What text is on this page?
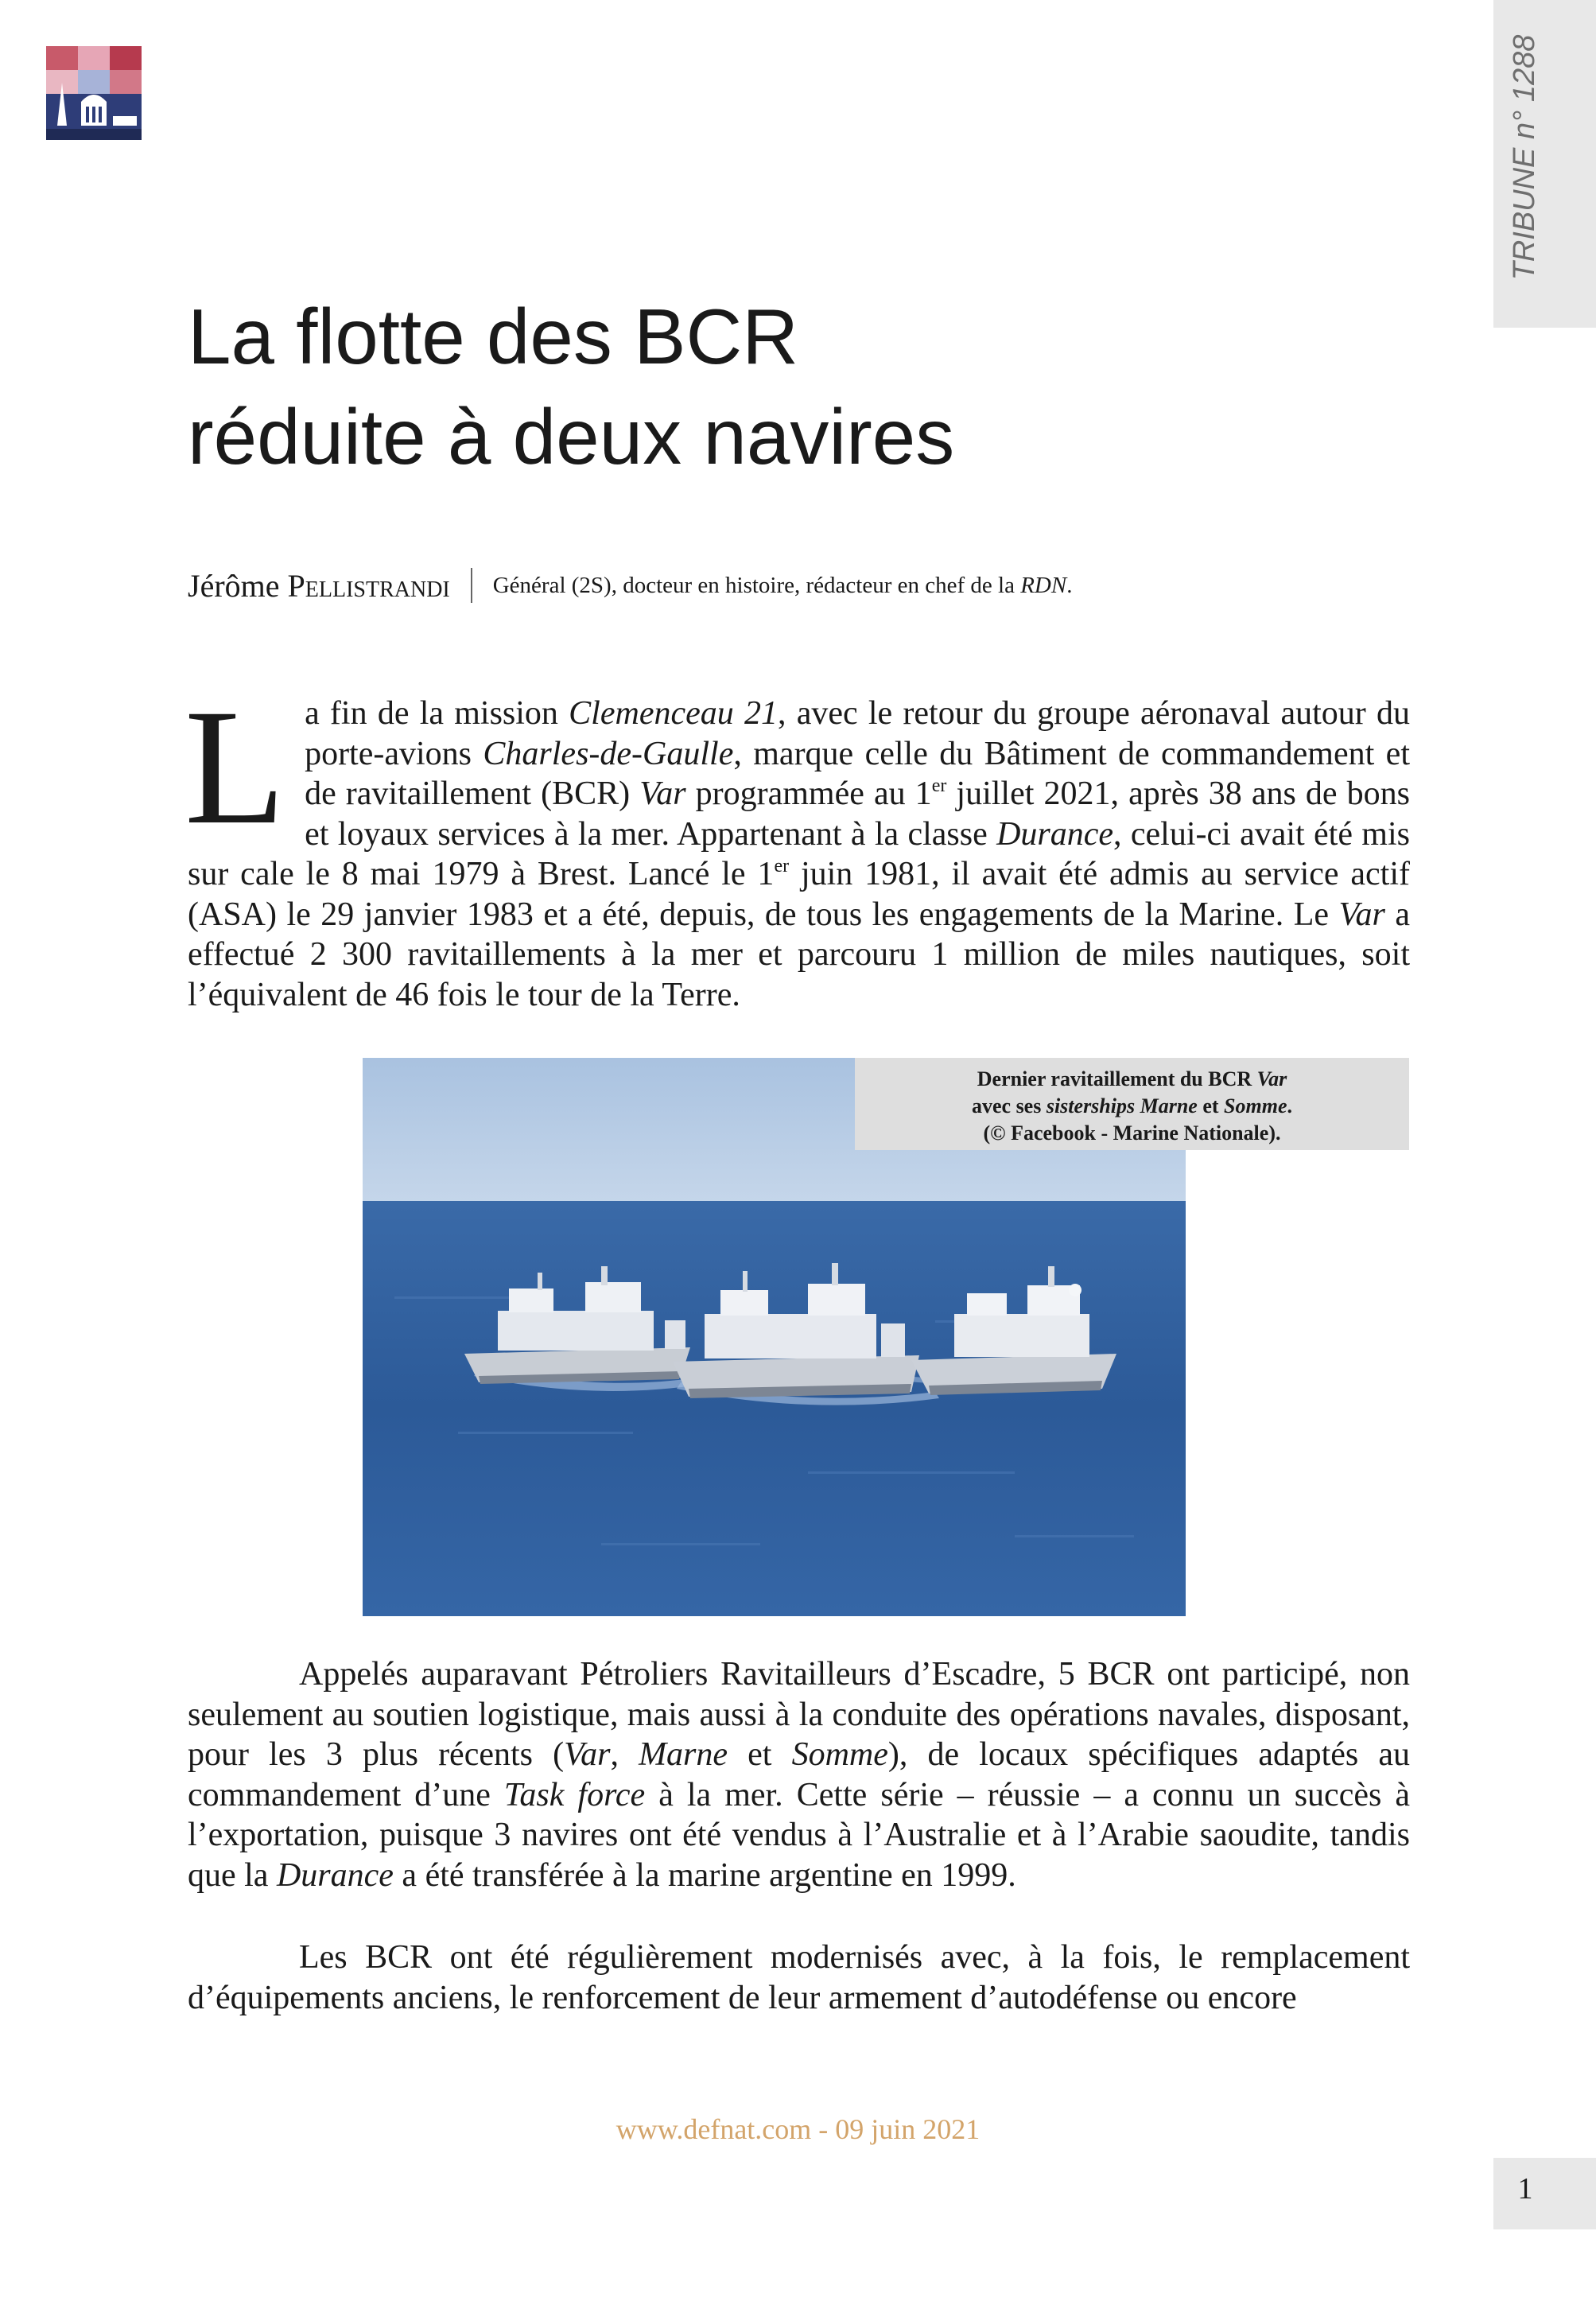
TRIBUNE n° 1288
La flotte des BCR
réduite à deux navires
Jérôme Pellistrandi Général (2S), docteur en histoire, rédacteur en chef de la RDN.

La fin de la mission Clemenceau 21, avec le retour du groupe aéronaval autour du porte-avions Charles-de-Gaulle, marque celle du Bâtiment de commandement et de ravitaillement (BCR) Var programmée au 1er juillet 2021, après 38 ans de bons et loyaux services à la mer. Appartenant à la classe Durance, celui-ci avait été mis sur cale le 8 mai 1979 à Brest. Lancé le 1er juin 1981, il avait été admis au service actif (ASA) le 29 janvier 1983 et a été, depuis, de tous les engagements de la Marine. Le Var a effectué 2 300 ravitaillements à la mer et parcouru 1 million de miles nautiques, soit l’équivalent de 46 fois le tour de la Terre.

Dernier ravitaillement du BCR Var
avec ses sisterships Marne et Somme.
(© Facebook - Marine Nationale).

Appelés auparavant Pétroliers Ravitailleurs d’Escadre, 5 BCR ont participé, non seulement au soutien logistique, mais aussi à la conduite des opérations navales, disposant, pour les 3 plus récents (Var, Marne et Somme), de locaux spécifiques adaptés au commandement d’une Task force à la mer. Cette série – réussie – a connu un succès à l’exportation, puisque 3 navires ont été vendus à l’Australie et à l’Arabie saoudite, tandis que la Durance a été transférée à la marine argentine en 1999.

Les BCR ont été régulièrement modernisés avec, à la fois, le remplacement d’équipements anciens, le renforcement de leur armement d’autodéfense ou encore

www.defnat.com - 09 juin 2021
1
